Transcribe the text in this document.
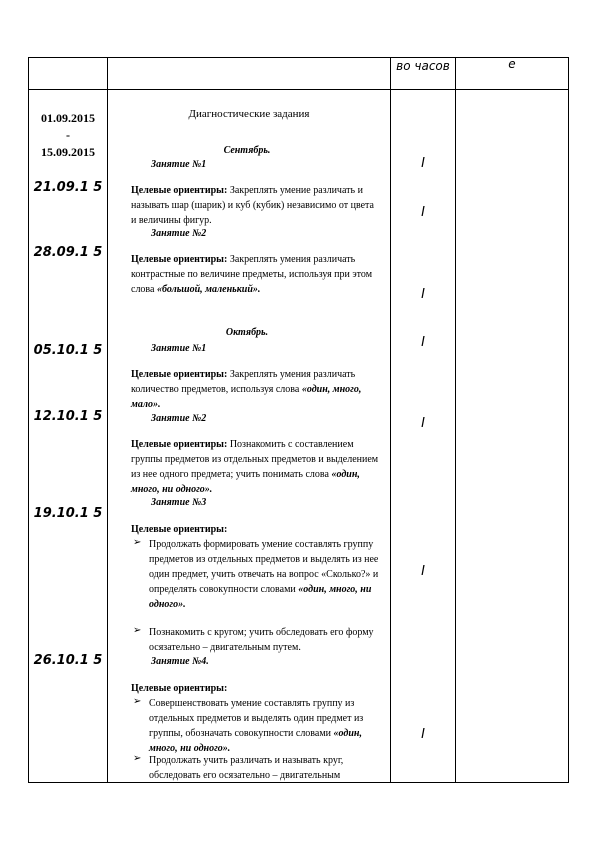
во часов	е
01.09.2015
-
15.09.2015
21.09.1 5
28.09.1 5
05.10.1 5
12.10.1 5
19.10.1 5
26.10.1 5
I
I
I
I
I
I
I
Диагностические задания
Сентябрь.
Занятие №1
Целевые ориентиры: Закреплять умение различать и называть шар (шарик) и куб (кубик) независимо от цвета и величины фигур.
Занятие №2
Целевые ориентиры: Закреплять умения различать контрастные по величине предметы, используя при этом слова «большой, маленький».
Октябрь.
Занятие №1
Целевые ориентиры: Закреплять умения различать количество предметов, используя слова «один, много, мало».
Занятие №2
Целевые ориентиры: Познакомить с составлением группы предметов из отдельных предметов и выделением из нее одного предмета; учить понимать слова «один, много, ни одного».
Занятие №3
Целевые ориентиры:
➢ Продолжать формировать умение составлять группу предметов из отдельных предметов и выделять из нее один предмет, учить отвечать на вопрос «Сколько?» и определять совокупности словами «один, много, ни одного».
➢ Познакомить с кругом; учить обследовать его форму осязательно – двигательным путем.
Занятие №4.
Целевые ориентиры:
➢ Совершенствовать умение составлять группу из отдельных предметов и выделять один предмет из группы, обозначать совокупности словами «один, много, ни одного».
➢ Продолжать учить различать и называть круг, обследовать его осязательно – двигательным
